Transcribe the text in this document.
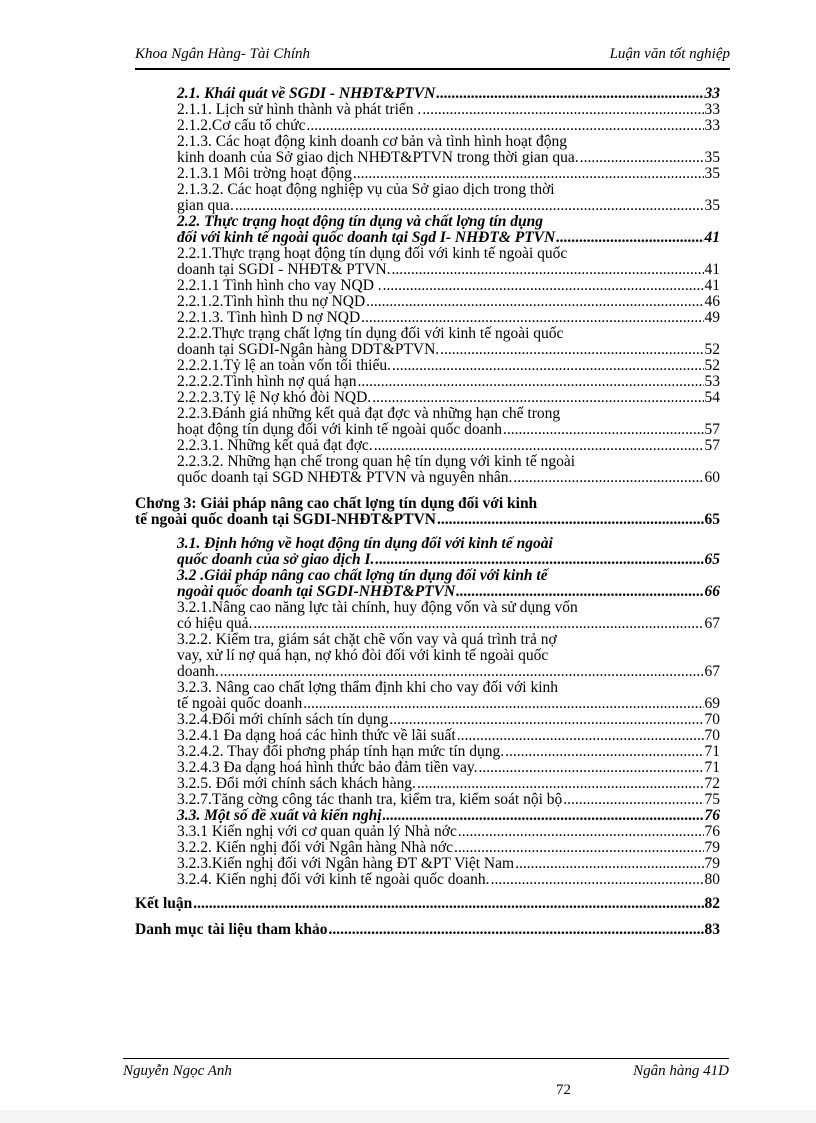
Khoa Ngân Hàng- Tài Chính	Luận văn tốt nghiệp
2.1. Khái quát về SGDI - NHĐT&PTVN .....	33
2.1.1. Lịch sử hình thành và phát triển . .....	33
2.1.2.Cơ cấu tổ chức .....	33
2.1.3. Các hoạt động kinh doanh cơ bản và tình hình hoạt động
kinh doanh của Sở giao dịch NHĐT&PTVN trong thời gian qua. .....	35
2.1.3.1 Môi trờng hoạt động .....	35
2.1.3.2. Các hoạt động nghiệp vụ của Sở giao dịch trong thời
gian qua. .....	35
2.2. Thực trạng hoạt động tín dụng và chất lợng tín dụng
đối với kinh tế ngoài quốc doanh tại Sgd I- NHĐT& PTVN .....	41
2.2.1.Thực trạng hoạt động tín dụng đối với kinh tế ngoài quốc
doanh tại SGDI - NHĐT& PTVN. .....	41
2.2.1.1 Tình hình cho vay NQD . .....	41
2.2.1.2.Tình hình thu nợ NQD .....	46
2.2.1.3. Tình hình D nợ NQD .....	49
2.2.2.Thực trạng chất lợng tín dụng đối với kinh tế ngoài quốc
doanh tại SGDI-Ngân hàng DDT&PTVN. .....	52
2.2.2.1.Tỷ lệ an toàn vốn tối thiểu. .....	52
2.2.2.2.Tình hình nợ quá hạn .....	53
2.2.2.3.Tỷ lệ Nợ khó đòi NQD. .....	54
2.2.3.Đánh giá những kết quả đạt đợc và những hạn chế trong
hoạt động tín dụng đối với kinh tế ngoài quốc doanh .....	57
2.2.3.1. Những kết quả đạt đợc. .....	57
2.2.3.2. Những hạn chế trong quan hệ tín dụng với kinh tế ngoài
quốc doanh tại SGD NHĐT& PTVN và nguyên nhân. .....	60
Chơng 3: Giải pháp nâng cao chất lợng tín dụng đối với kinh
tế ngoài quốc doanh tại SGDI-NHĐT&PTVN .....	65
3.1. Định hớng về hoạt động tín dụng đối với kinh tế ngoài
quốc doanh của sở giao dịch I. .....	65
3.2 .Giải pháp nâng cao chất lợng tín dụng đối với kinh tế
ngoài quốc doanh tại SGDI-NHĐT&PTVN .....	66
3.2.1.Nâng cao năng lực tài chính, huy động vốn và sử dụng vốn
có hiệu quả. .....	67
3.2.2. Kiểm tra, giám sát chặt chẽ vốn vay và quá trình trả nợ
vay, xử lí nợ quá hạn, nợ khó đòi đối với kinh tế ngoài quốc
doanh. .....	67
3.2.3. Nâng cao chất lợng thẩm định khi cho vay đối với kinh
tế ngoài quốc doanh .....	69
3.2.4.Đổi mới chính sách tín dụng .....	70
3.2.4.1 Đa dạng hoá các hình thức về lãi suất .....	70
3.2.4.2. Thay đổi phơng pháp tính hạn mức tín dụng. .....	71
3.2.4.3 Đa dạng hoá hình thức bảo đảm tiền vay. .....	71
3.2.5. Đổi mới chính sách khách hàng. .....	72
3.2.7.Tăng cờng công tác thanh tra, kiểm tra, kiểm soát nội bộ .....	75
3.3. Một số đề xuất và kiến nghị .....	76
3.3.1 Kiến nghị với cơ quan quản lý Nhà nớc .....	76
3.2.2. Kiến nghị đối với Ngân hàng Nhà nớc .....	79
3.2.3.Kiến nghị đối với Ngân hàng ĐT &PT Việt Nam .....	79
3.2.4. Kiến nghị đối với kinh tế ngoài quốc doanh. .....	80
Kết luận .....	82
Danh mục tài liệu tham khảo .....	83
Nguyễn Ngọc Anh	Ngân hàng 41D
72
